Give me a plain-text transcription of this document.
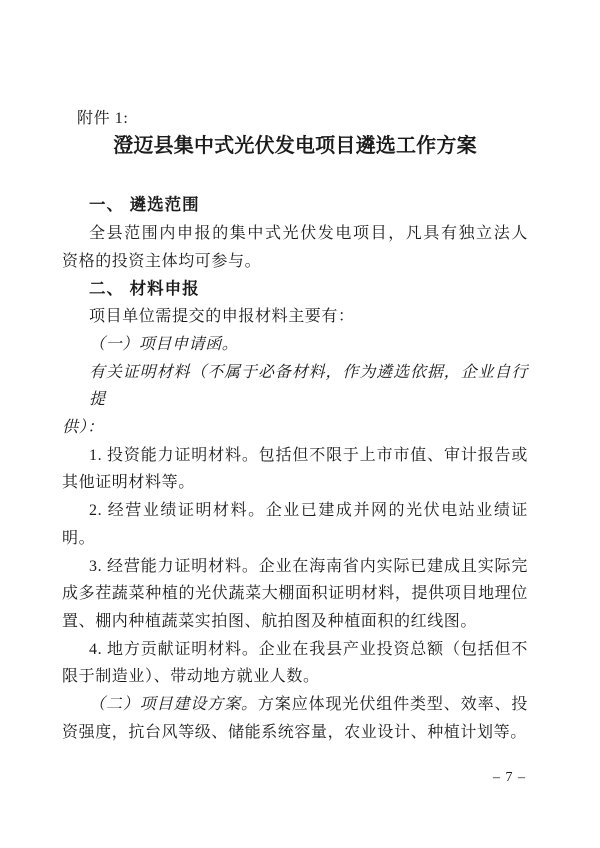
附件 1:
澄迈县集中式光伏发电项目遴选工作方案
一、 遴选范围
全县范围内申报的集中式光伏发电项目，凡具有独立法人
资格的投资主体均可参与。
二、 材料申报
项目单位需提交的申报材料主要有：
（一）项目申请函。
有关证明材料（不属于必备材料，作为遴选依据，企业自行提
供）：
1. 投资能力证明材料。包括但不限于上市市值、审计报告或
其他证明材料等。
2. 经营业绩证明材料。企业已建成并网的光伏电站业绩证
明。
3. 经营能力证明材料。企业在海南省内实际已建成且实际完
成多茬蔬菜种植的光伏蔬菜大棚面积证明材料，提供项目地理位
置、棚内种植蔬菜实拍图、航拍图及种植面积的红线图。
4. 地方贡献证明材料。企业在我县产业投资总额（包括但不
限于制造业）、带动地方就业人数。
（二）项目建设方案。方案应体现光伏组件类型、效率、投
资强度，抗台风等级、储能系统容量，农业设计、种植计划等。
– 7 –
